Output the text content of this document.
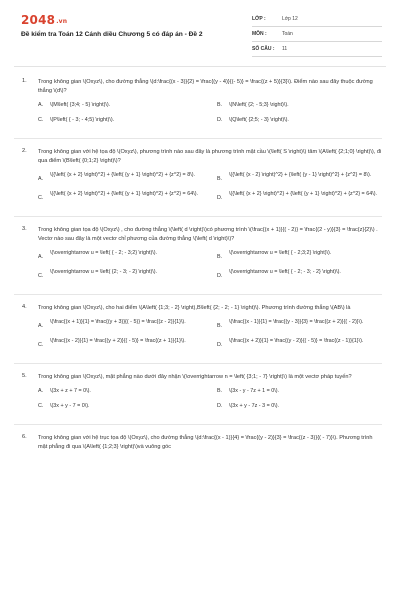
2048.vn
Đề kiểm tra Toán 12 Cánh diều Chương 5 có đáp án - Đề 2
LỚP :	Lớp 12
MÔN :	Toán
SỐ CÂU :	11
1. Trong không gian \(Oxyz\), cho đường thẳng \(d:\frac{(x - 3)}{2} = \frac{(y - 4)}{(- 5)} = \frac{(z + 5)}{3}\). Điểm nào sau đây thuộc đường thẳng \(d\)?
A.	\(M\left( {3;4; - 5} \right)\).	B.	\(N\left( {2; - 5;3} \right)\).
C.	\(P\left( { - 3; - 4;5} \right)\).	D.	\(Q\left( {2;5; - 3} \right)\).
2. Trong không gian với hệ tọa độ \(Oxyz\), phương trình nào sau đây là phương trình mặt cầu \(\left( S \right)\) tâm \(A\left( {2;1;0} \right)\), đi qua điểm \(B\left( {0;1;2} \right)\)?
A.
\({\left( {x + 2} \right)^2} + {\left( {y + 1} \right)^2} + {z^2} = 8\).
B.
\({\left( {x - 2} \right)^2} + {\left( {y - 1} \right)^2} + {z^2} = 8\).
C.
\({\left( {x + 2} \right)^2} + {\left( {y + 1} \right)^2} + {z^2} = 64\).
D.
\({\left( {x + 2} \right)^2} + {\left( {y + 1} \right)^2} + {z^2} = 64\).
3. Trong không gian tọa độ \(Oxyz\) , cho đường thẳng \(\left( d \right)\)có phương trình \(\frac{(x + 1)}{( - 2)} = \frac{(2 - y)}{3} = \frac{z}{2}\) . Vectơ nào sau đây là một vectơ chỉ phương của đường thẳng \(\left( d \right)\)?
A.
\(\overrightarrow u = \left( { - 2; - 3;2} \right)\).
B.
\(\overrightarrow u = \left( { - 2;3;2} \right)\).
C.
\(\overrightarrow u = \left( {2; - 3; - 2} \right)\).
D.
\(\overrightarrow u = \left( { - 2; - 3; - 2} \right)\).
4. Trong không gian \(Oxyz\), cho hai điểm \(A\left( {1;3; - 2} \right),B\left( {2; - 2; - 1} \right)\). Phương trình đường thẳng \(AB\) là
A.
\(\frac{(x + 1)}{1} = \frac{(y + 3)}{( - 5)} = \frac{(z - 2)}{1}\).
B.
\(\frac{(x - 1)}{1} = \frac{(y - 3)}{3} = \frac{(z + 2)}{( - 2)}\).
C.
\(\frac{(x - 2)}{1} = \frac{(y + 2)}{( - 5)} = \frac{(z + 1)}{1}\).
D.
\(\frac{(x + 2)}{1} = \frac{(y - 2)}{( - 5)} = \frac{(z - 1)}{1}\).
5. Trong không gian \(Oxyz\), mặt phẳng nào dưới đây nhận \(\overrightarrow n = \left( {3;1; - 7} \right)\) là một vectơ pháp tuyến?
A.	\(3x + z + 7 = 0\).	B.	\(3x - y - 7z + 1 = 0\).
C.	\(3x + y - 7 = 0\).	D.	\(3x + y - 7z - 3 = 0\).
6. Trong không gian với hệ trục tọa độ \(Oxyz\), cho đường thẳng \(d:\frac{(x - 1)}{4} = \frac{(y - 2)}{3} = \frac{(z - 3)}{( - 7)}\). Phương trình mặt phẳng đi qua \(A\left( {1;2;3} \right)\)và vuông góc
